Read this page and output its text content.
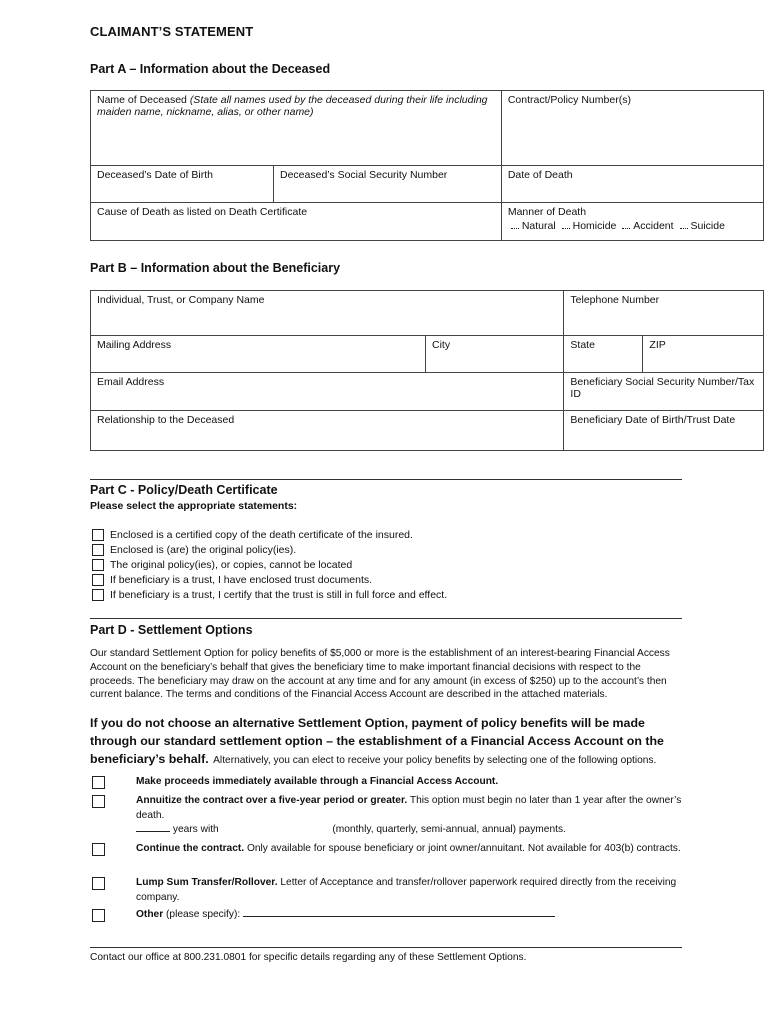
CLAIMANT’S STATEMENT
Part A – Information about the Deceased
Name of Deceased (State all names used by the deceased during their life including maiden name, nickname, alias, or other name)		Contract/Policy Number(s)
Deceased’s Date of Birth	Deceased’s Social Security Number	Date of Death
Cause of Death as listed on Death Certificate		Manner of Death
Natural Homicide Accident Suicide
Part B – Information about the Beneficiary
Individual, Trust, or Company Name		Telephone Number	
Mailing Address	City	State	ZIP
Email Address		Beneficiary Social Security Number/Tax ID	
Relationship to the Deceased		Beneficiary Date of Birth/Trust Date	
Part C - Policy/Death Certificate
Please select the appropriate statements:
Enclosed is a certified copy of the death certificate of the insured.
Enclosed is (are) the original policy(ies).
The original policy(ies), or copies, cannot be located
If beneficiary is a trust, I have enclosed trust documents.
If beneficiary is a trust, I certify that the trust is still in full force and effect.
Part D - Settlement Options
Our standard Settlement Option for policy benefits of $5,000 or more is the establishment of an interest-bearing Financial Access Account on the beneficiary’s behalf that gives the beneficiary time to make important financial decisions with respect to the proceeds. The beneficiary may draw on the account at any time and for any amount (in excess of $250) up to the account’s then current balance. The terms and conditions of the Financial Access Account are described in the attached materials.
If you do not choose an alternative Settlement Option, payment of policy benefits will be made through our standard settlement option – the establishment of a Financial Access Account on the beneficiary’s behalf. Alternatively, you can elect to receive your policy benefits by selecting one of the following options.
Make proceeds immediately available through a Financial Access Account.
Annuitize the contract over a five-year period or greater. This option must begin no later than 1 year after the owner’s death.
years with	(monthly, quarterly, semi-annual, annual) payments.
Continue the contract. Only available for spouse beneficiary or joint owner/annuitant. Not available for 403(b) contracts.
Lump Sum Transfer/Rollover. Letter of Acceptance and transfer/rollover paperwork required directly from the receiving company.
Other (please specify):
Contact our office at 800.231.0801 for specific details regarding any of these Settlement Options.
